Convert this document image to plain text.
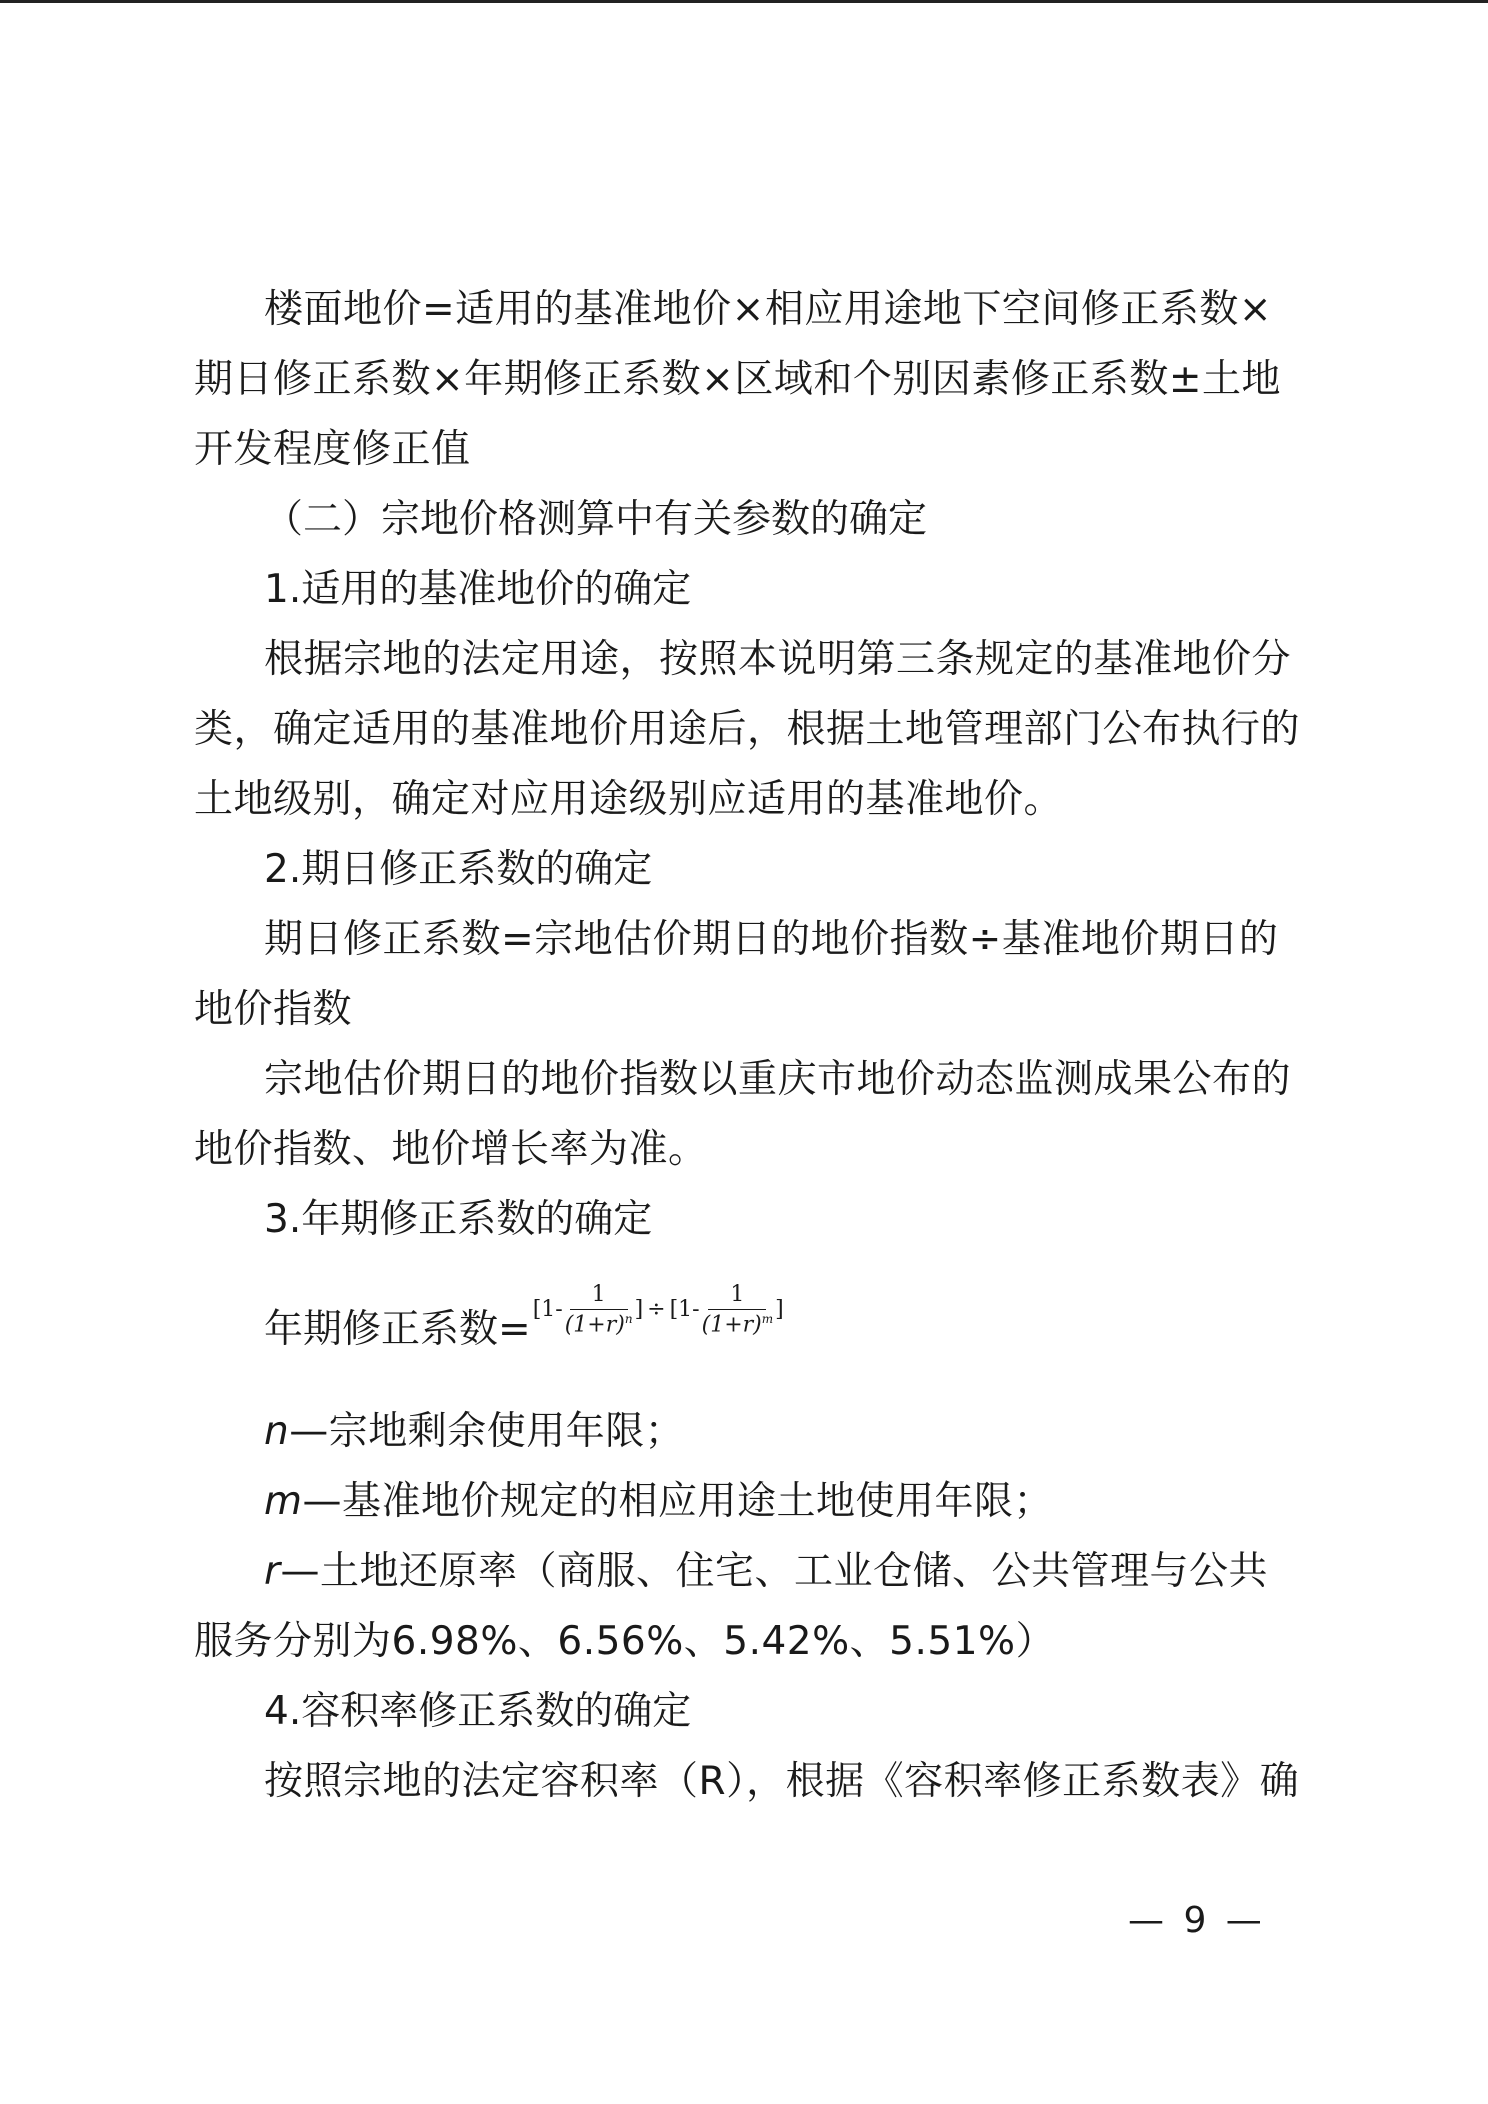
楼面地价=适用的基准地价×相应用途地下空间修正系数×期日修正系数×年期修正系数×区域和个别因素修正系数±土地开发程度修正值

（二）宗地价格测算中有关参数的确定

1.适用的基准地价的确定

根据宗地的法定用途，按照本说明第三条规定的基准地价分类，确定适用的基准地价用途后，根据土地管理部门公布执行的土地级别，确定对应用途级别应适用的基准地价。

2.期日修正系数的确定

期日修正系数=宗地估价期日的地价指数÷基准地价期日的地价指数

宗地估价期日的地价指数以重庆市地价动态监测成果公布的地价指数、地价增长率为准。

3.年期修正系数的确定

年期修正系数= [$1- \frac{1}{(1+r)^n}$ ] ÷ [$1- \frac{1}{(1+r)^m}$ ]

n—宗地剩余使用年限；

m—基准地价规定的相应用途土地使用年限；

r—土地还原率（商服、住宅、工业仓储、公共管理与公共服务分别为6.98%、6.56%、5.42%、5.51%）

4.容积率修正系数的确定

按照宗地的法定容积率（R），根据《容积率修正系数表》确

— 9 —
